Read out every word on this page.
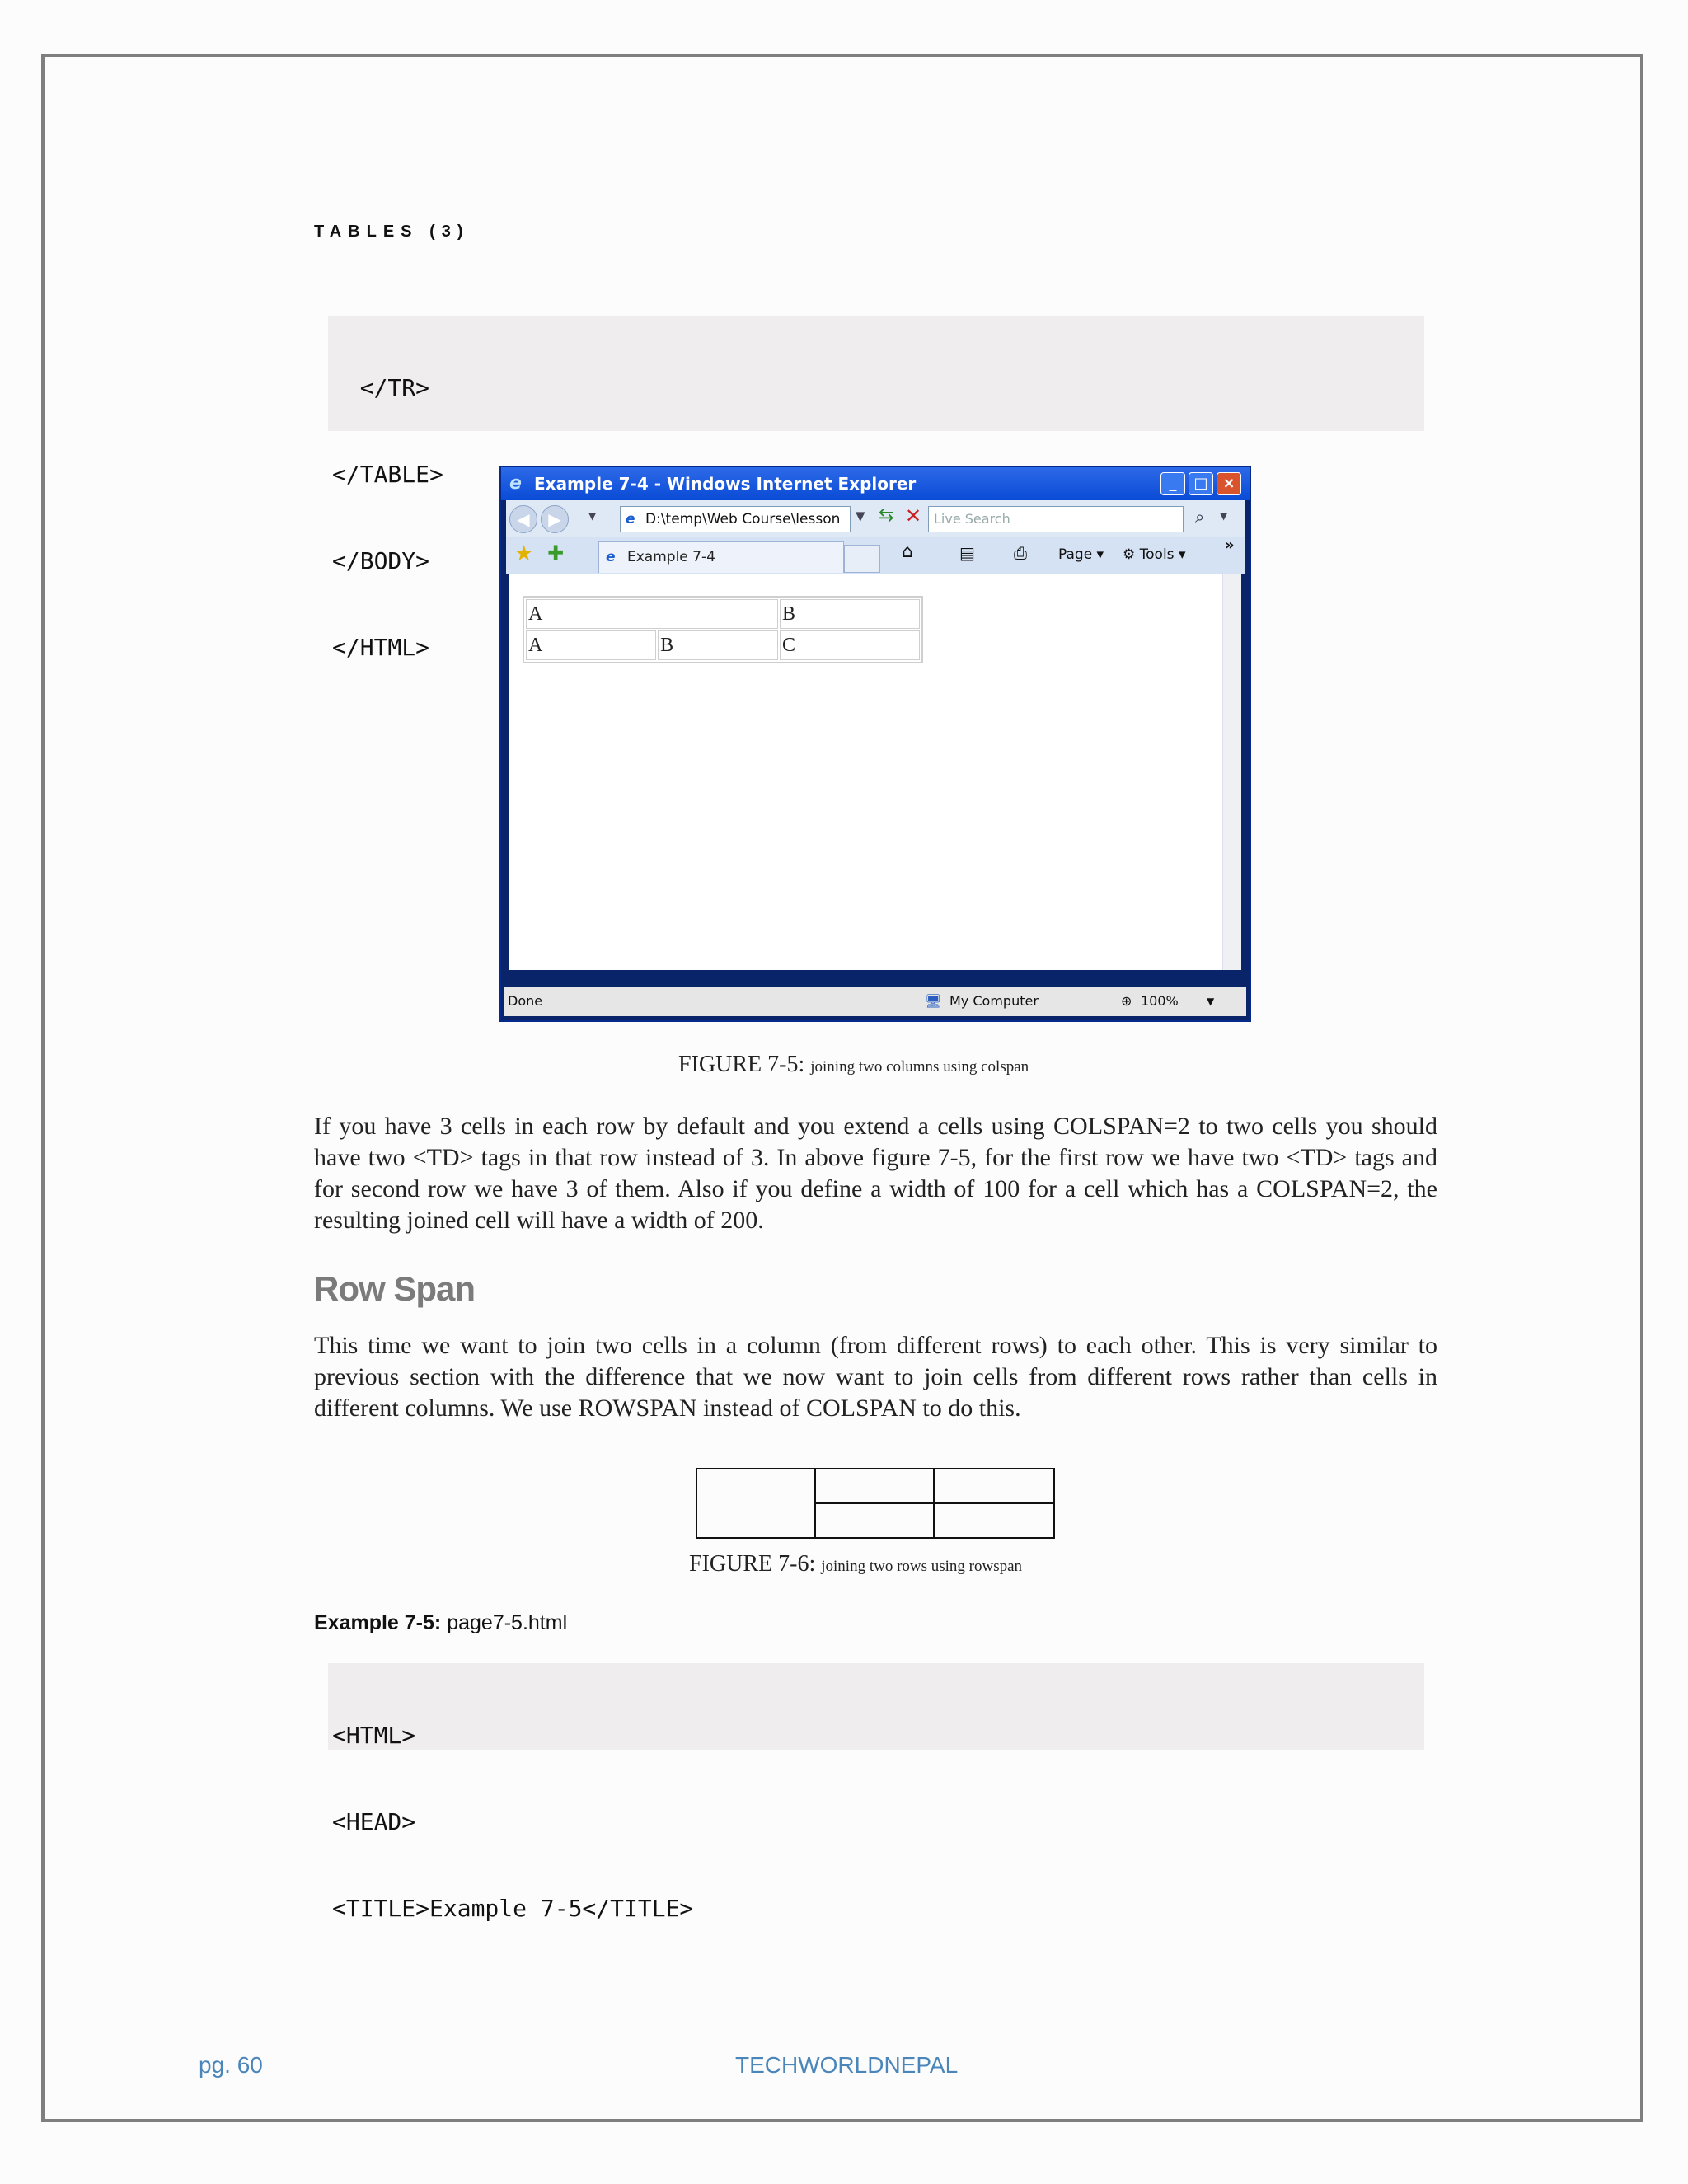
TABLES (3)

</TR>

</TABLE>

</BODY>

</HTML>

e Example 7-4 - Windows Internet Explorer	_	□ ×
◀	▶	▼ e D:\temp\Web Course\lesson	▼ ⇆ ✕ Live Search	⌕ ▼
★ ✚	e Example 7-4	⌂	▤ ⎙ Page ▾ ⚙ Tools ▾
»
A		B
A	B	C
Done	🖥 My Computer	⊕ 100%	▼
FIGURE 7-5: joining two columns using colspan
If you have 3 cells in each row by default and you extend a cells using COLSPAN=2 to two cells you should have two <TD> tags in that row instead of 3. In above figure 7-5, for the first row we have two <TD> tags and for second row we have 3 of them. Also if you define a width of 100 for a cell which has a COLSPAN=2, the resulting joined cell will have a width of 200.
Row Span
This time we want to join two cells in a column (from different rows) to each other. This is very similar to previous section with the difference that we now want to join cells from different rows rather than cells in different columns. We use ROWSPAN instead of COLSPAN to do this.
FIGURE 7-6: joining two rows using rowspan
Example 7-5: page7-5.html

<HTML>

<HEAD>

<TITLE>Example 7-5</TITLE>

pg. 60	TECHWORLDNEPAL
